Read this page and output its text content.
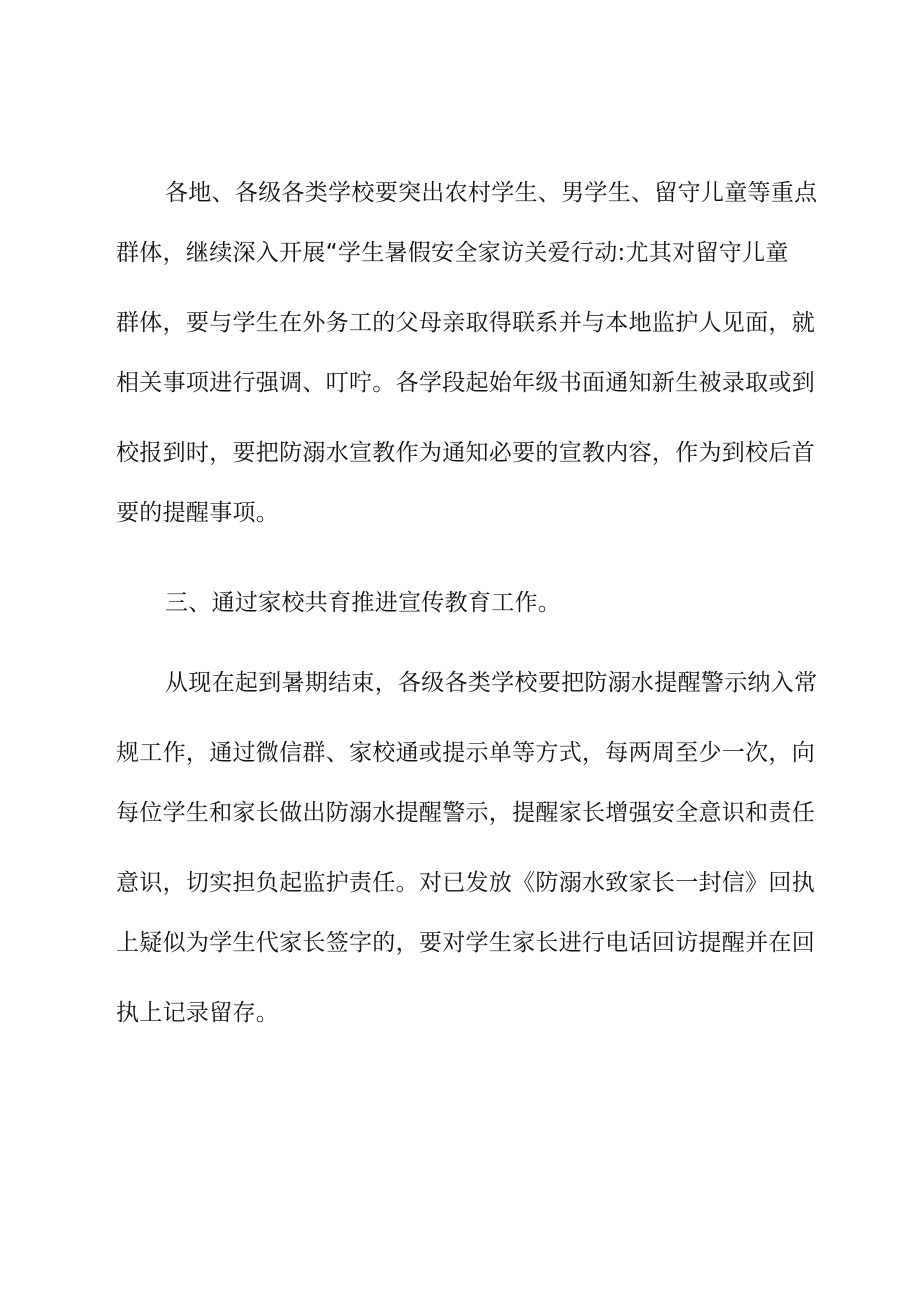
各地、各级各类学校要突出农村学生、男学生、留守儿童等重点

群体，继续深入开展“学生暑假安全家访关爱行动:尤其对留守儿童

群体，要与学生在外务工的父母亲取得联系并与本地监护人见面，就

相关事项进行强调、叮咛。各学段起始年级书面通知新生被录取或到

校报到时，要把防溺水宣教作为通知必要的宣教内容，作为到校后首

要的提醒事项。

三、通过家校共育推进宣传教育工作。

从现在起到暑期结束，各级各类学校要把防溺水提醒警示纳入常

规工作，通过微信群、家校通或提示单等方式，每两周至少一次，向

每位学生和家长做出防溺水提醒警示，提醒家长增强安全意识和责任

意识，切实担负起监护责任。对已发放《防溺水致家长一封信》回执

上疑似为学生代家长签字的，要对学生家长进行电话回访提醒并在回

执上记录留存。
